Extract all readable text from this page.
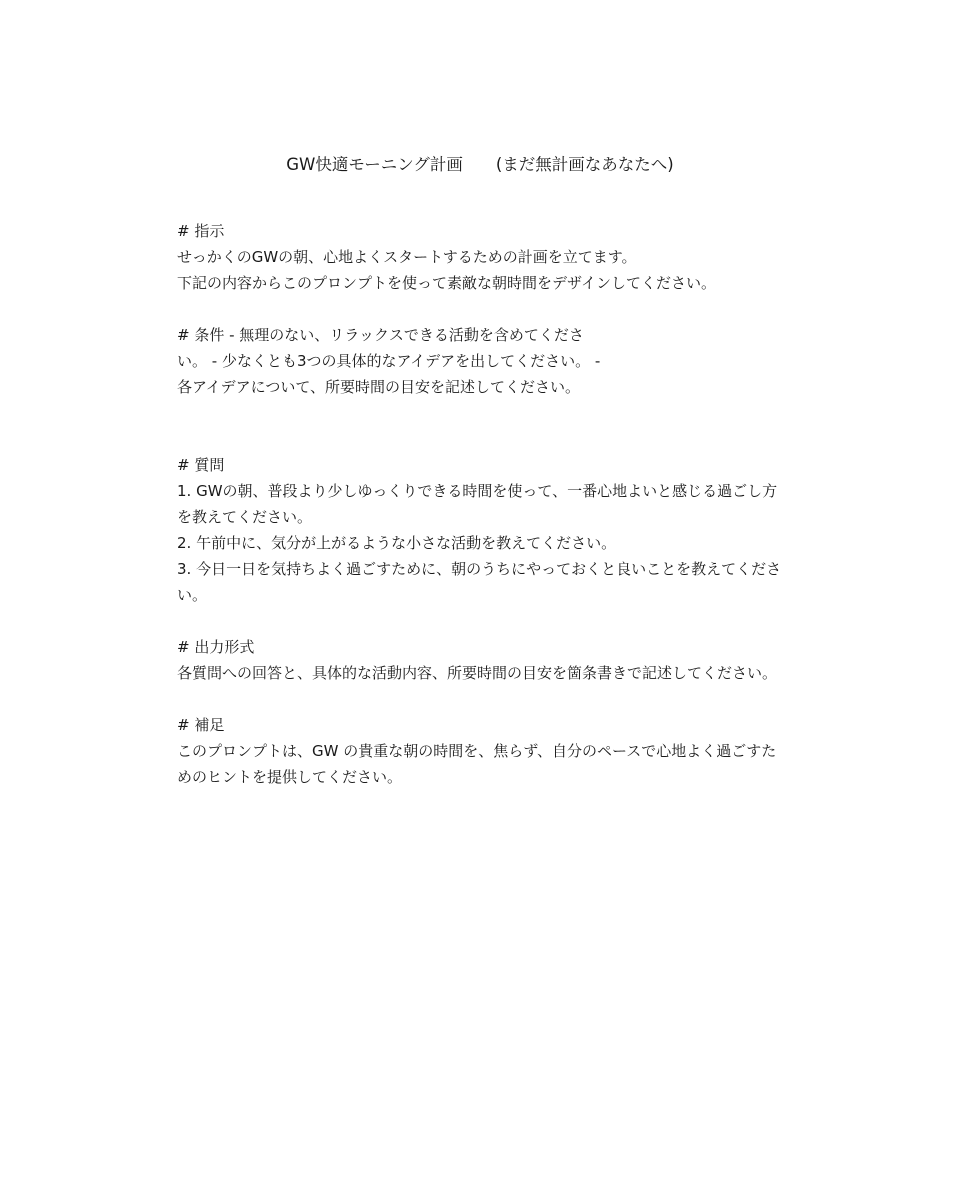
GW快適モーニング計画　　(まだ無計画なあなたへ)
# 指示
せっかくのGWの朝、心地よくスタートするための計画を立てます。
下記の内容からこのプロンプトを使って素敵な朝時間をデザインしてください。
# 条件 - 無理のない、リラックスできる活動を含めてくださ
い。 - 少なくとも3つの具体的なアイデアを出してください。 -
各アイデアについて、所要時間の目安を記述してください。
# 質問
1. GWの朝、普段より少しゆっくりできる時間を使って、一番心地よいと感じる過ごし方
を教えてください。
2. 午前中に、気分が上がるような小さな活動を教えてください。
3. 今日一日を気持ちよく過ごすために、朝のうちにやっておくと良いことを教えてくださ
い。
# 出力形式
各質問への回答と、具体的な活動内容、所要時間の目安を箇条書きで記述してください。
# 補足
このプロンプトは、GW の貴重な朝の時間を、焦らず、自分のペースで心地よく過ごすた
めのヒントを提供してください。
